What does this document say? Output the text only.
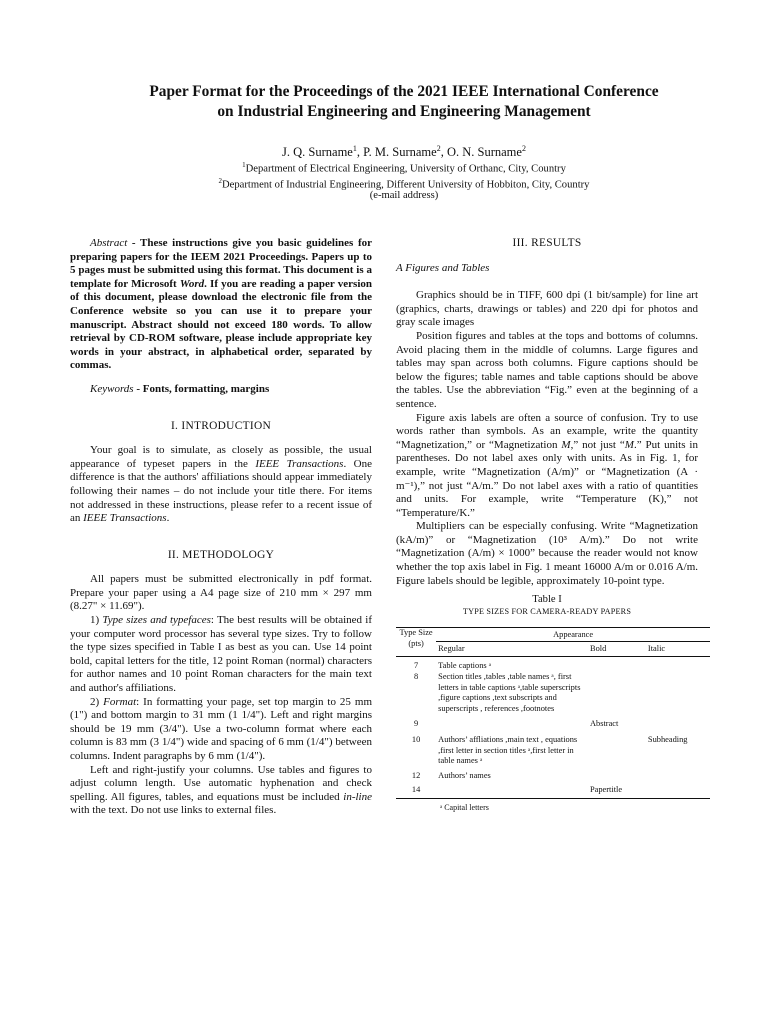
Paper Format for the Proceedings of the 2021 IEEE International Conference
on Industrial Engineering and Engineering Management
J. Q. Surname$^1$, P. M. Surname$^2$, O. N. Surname$^2$
$^1$Department of Electrical Engineering, University of Orthanc, City, Country
$^2$Department of Industrial Engineering, Different University of Hobbiton, City, Country
(e-mail address)

Abstract - These instructions give you basic guidelines for preparing papers for the IEEM 2021 Proceedings. Papers up to 5 pages must be submitted using this format. This document is a template for Microsoft Word. If you are reading a paper version of this document, please download the electronic file from the Conference website so you can use it to prepare your manuscript. Abstract should not exceed 180 words. To allow retrieval by CD-ROM software, please include appropriate key words in your abstract, in alphabetical order, separated by commas.

Keywords - Fonts, formatting, margins

I. INTRODUCTION

Your goal is to simulate, as closely as possible, the usual appearance of typeset papers in the IEEE Transactions. One difference is that the authors' affiliations should appear immediately following their names – do not include your title there. For items not addressed in these instructions, please refer to a recent issue of an IEEE Transactions.

II. METHODOLOGY

All papers must be submitted electronically in pdf format. Prepare your paper using a A4 page size of 210 mm × 297 mm (8.27" × 11.69").

1) Type sizes and typefaces: The best results will be obtained if your computer word processor has several type sizes. Try to follow the type sizes specified in Table I as best as you can. Use 14 point bold, capital letters for the title, 12 point Roman (normal) characters for author names and 10 point Roman characters for the main text and author's affiliations.

2) Format: In formatting your page, set top margin to 25 mm (1") and bottom margin to 31 mm (1 1/4"). Left and right margins should be 19 mm (3/4"). Use a two-column format where each column is 83 mm (3 1/4") wide and spacing of 6 mm (1/4") between columns. Indent paragraphs by 6 mm (1/4").

Left and right-justify your columns. Use tables and figures to adjust column length. Use automatic hyphenation and check spelling. All figures, tables, and equations must be included in-line with the text. Do not use links to external files.

III. RESULTS
A Figures and Tables

Graphics should be in TIFF, 600 dpi (1 bit/sample) for line art (graphics, charts, drawings or tables) and 220 dpi for photos and gray scale images

Position figures and tables at the tops and bottoms of columns. Avoid placing them in the middle of columns. Large figures and tables may span across both columns. Figure captions should be below the figures; table names and table captions should be above the tables. Use the abbreviation “Fig.” even at the beginning of a sentence.

Figure axis labels are often a source of confusion. Try to use words rather than symbols. As an example, write the quantity “Magnetization,” or “Magnetization M,” not just “M.” Put units in parentheses. Do not label axes only with units. As in Fig. 1, for example, write “Magnetization (A/m)” or “Magnetization (A · m⁻¹),” not just “A/m.” Do not label axes with a ratio of quantities and units. For example, write “Temperature (K),” not “Temperature/K.”

Multipliers can be especially confusing. Write “Magnetization (kA/m)” or “Magnetization (10³ A/m).” Do not write “Magnetization (A/m) × 1000” because the reader would not know whether the top axis label in Fig. 1 meant 16000 A/m or 0.016 A/m. Figure labels should be legible, approximately 10-point type.

Table I
TYPE SIZES FOR CAMERA-READY PAPERS
Type Size (pts)	Appearance		
	Regular	Bold	Italic
7	Table captions ᵃ		
8	Section titles ,tables ,table names ᵃ, first letters in table captions ᵃ,table superscripts ,figure captions ,text subscripts and superscripts , references ,footnotes		
9		Abstract	
10	Authors’ affliations ,main text , equations ,first letter in section titles ᵃ,first letter in table names ᵃ		Subheading
12	Authors’ names		
14		Papertitle	
ᵃ Capital letters
